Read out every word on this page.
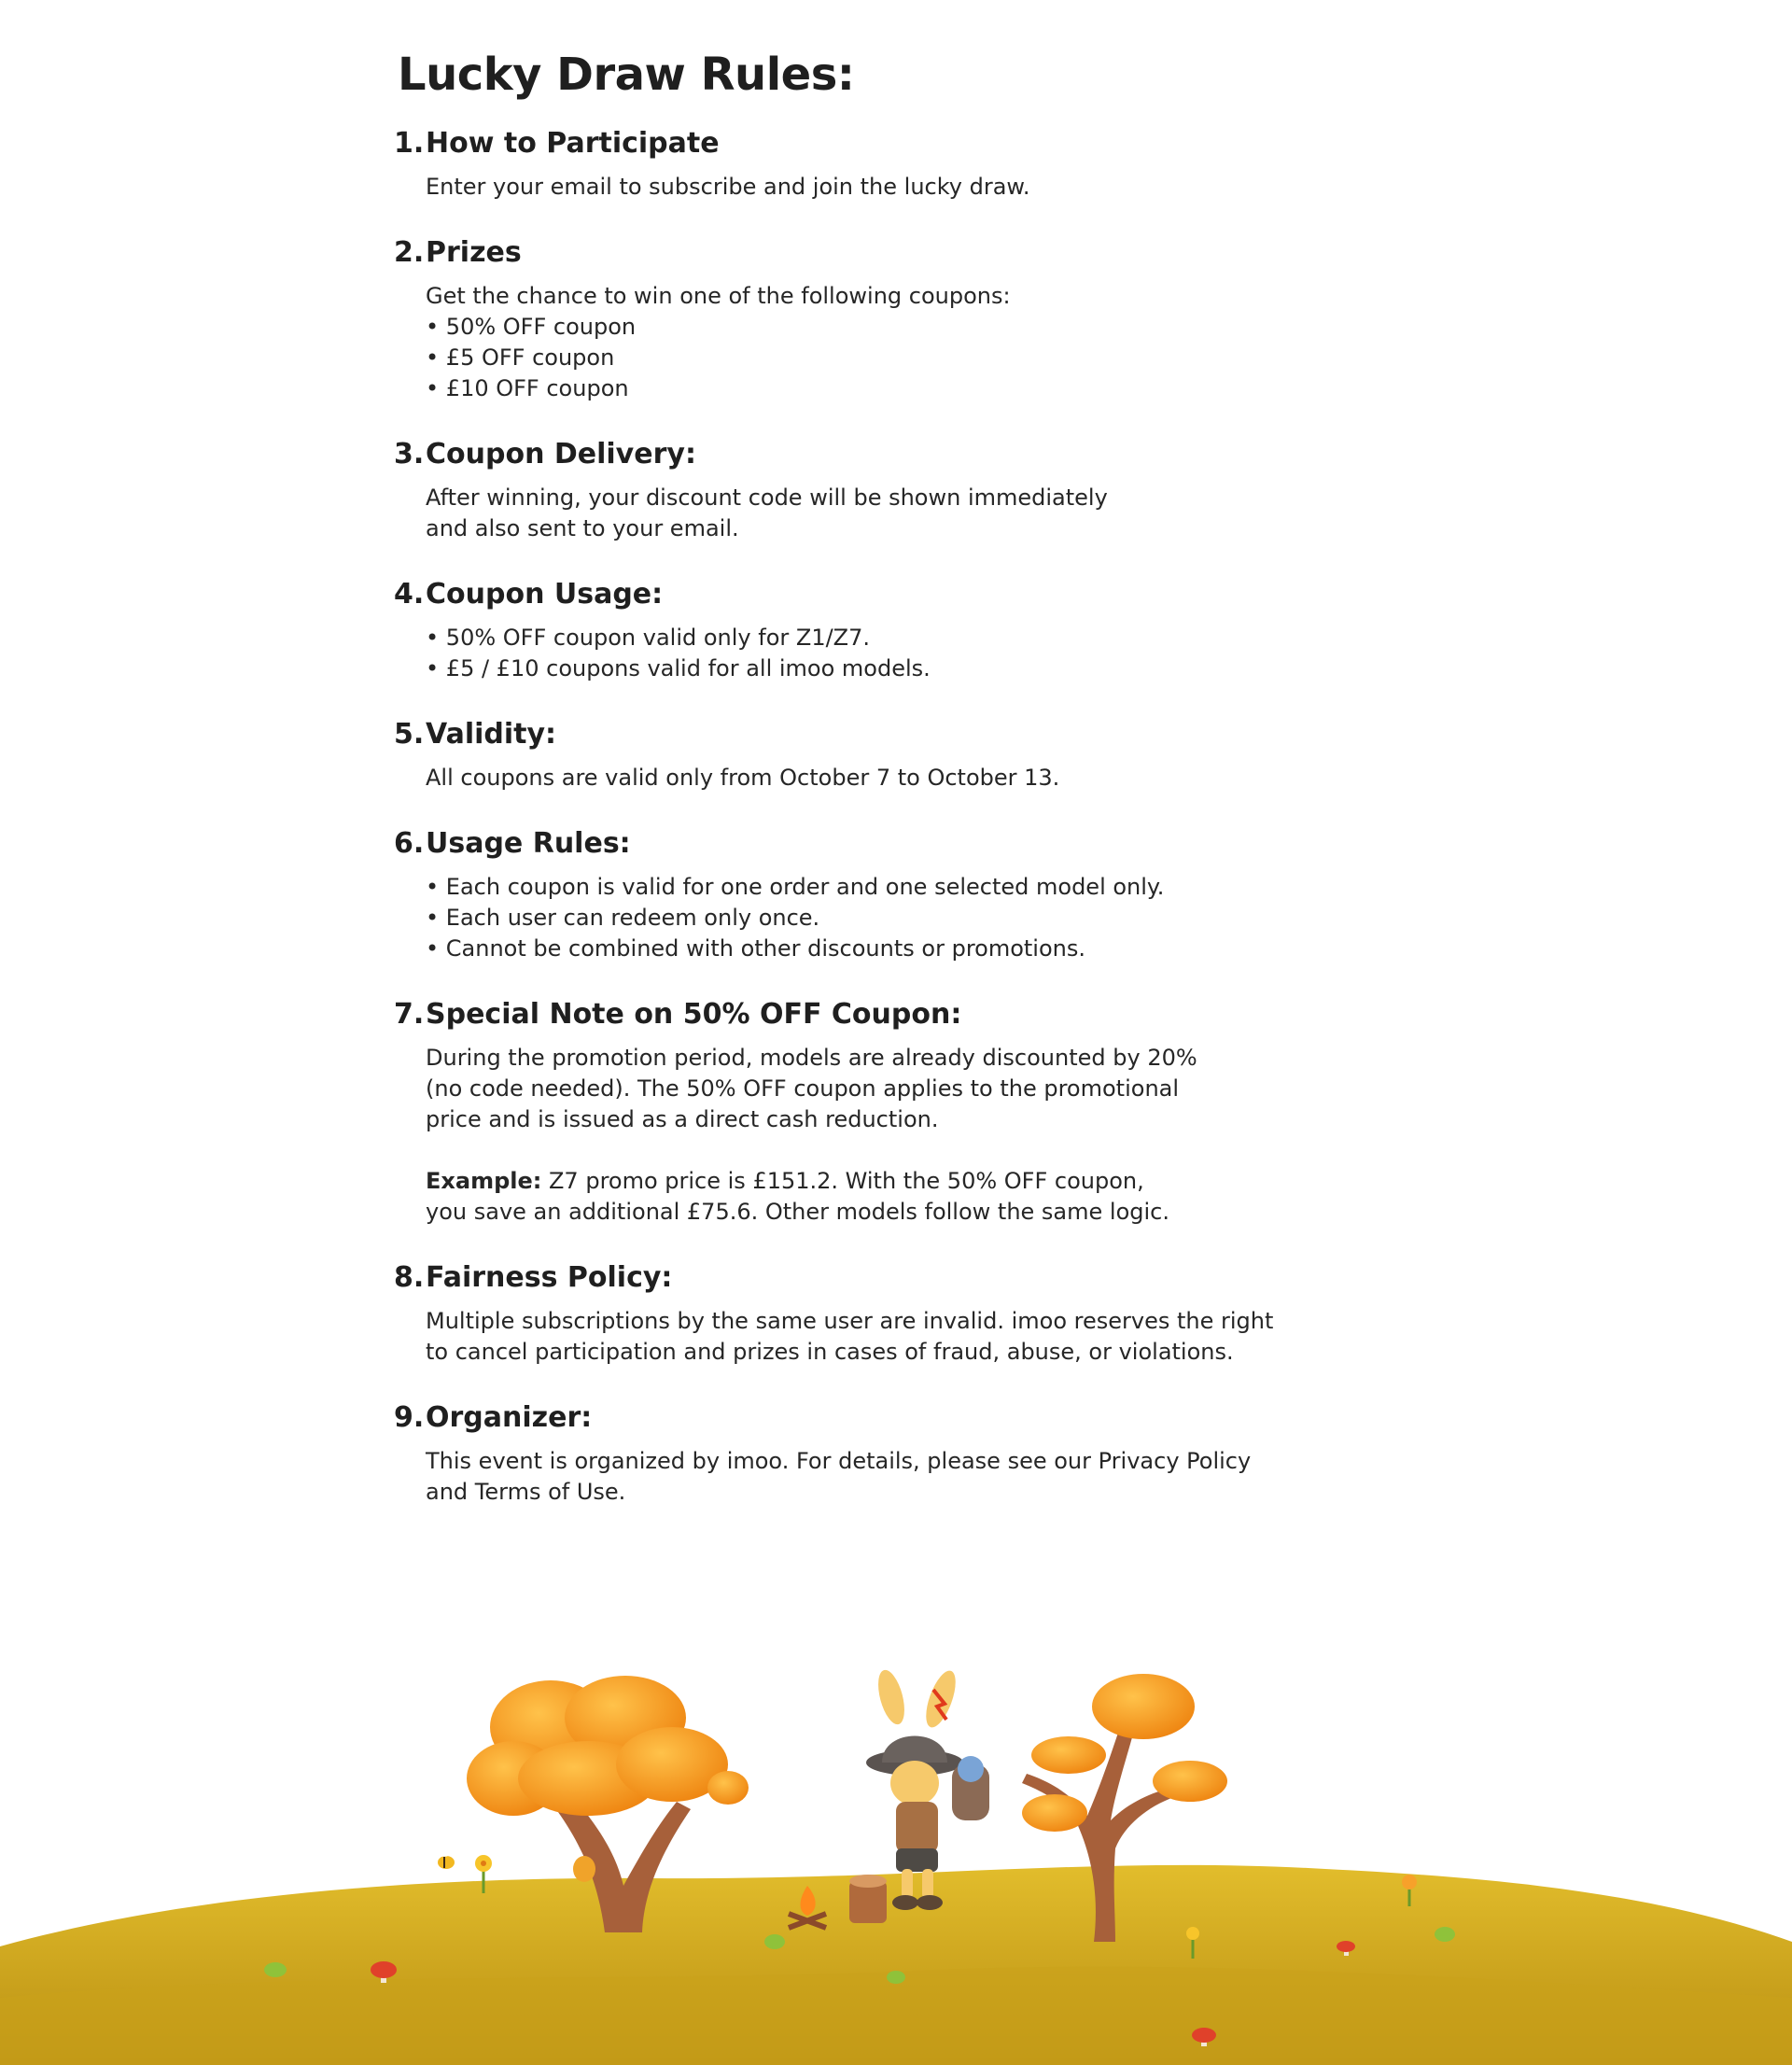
Lucky Draw Rules:
1. How to Participate

Enter your email to subscribe and join the lucky draw.

2. Prizes

Get the chance to win one of the following coupons:

• 50% OFF coupon
• £5 OFF coupon
• £10 OFF coupon
3. Coupon Delivery:

After winning, your discount code will be shown immediately

and also sent to your email.

4. Coupon Usage:
• 50% OFF coupon valid only for Z1/Z7.
• £5 / £10 coupons valid for all imoo models.
5. Validity:

All coupons are valid only from October 7 to October 13.

6. Usage Rules:
• Each coupon is valid for one order and one selected model only.
• Each user can redeem only once.
• Cannot be combined with other discounts or promotions.
7. Special Note on 50% OFF Coupon:

During the promotion period, models are already discounted by 20%

(no code needed). The 50% OFF coupon applies to the promotional

price and is issued as a direct cash reduction.

Example: Z7 promo price is £151.2. With the 50% OFF coupon,

you save an additional £75.6. Other models follow the same logic.

8. Fairness Policy:

Multiple subscriptions by the same user are invalid. imoo reserves the right

to cancel participation and prizes in cases of fraud, abuse, or violations.

9. Organizer:

This event is organized by imoo. For details, please see our Privacy Policy

and Terms of Use.
